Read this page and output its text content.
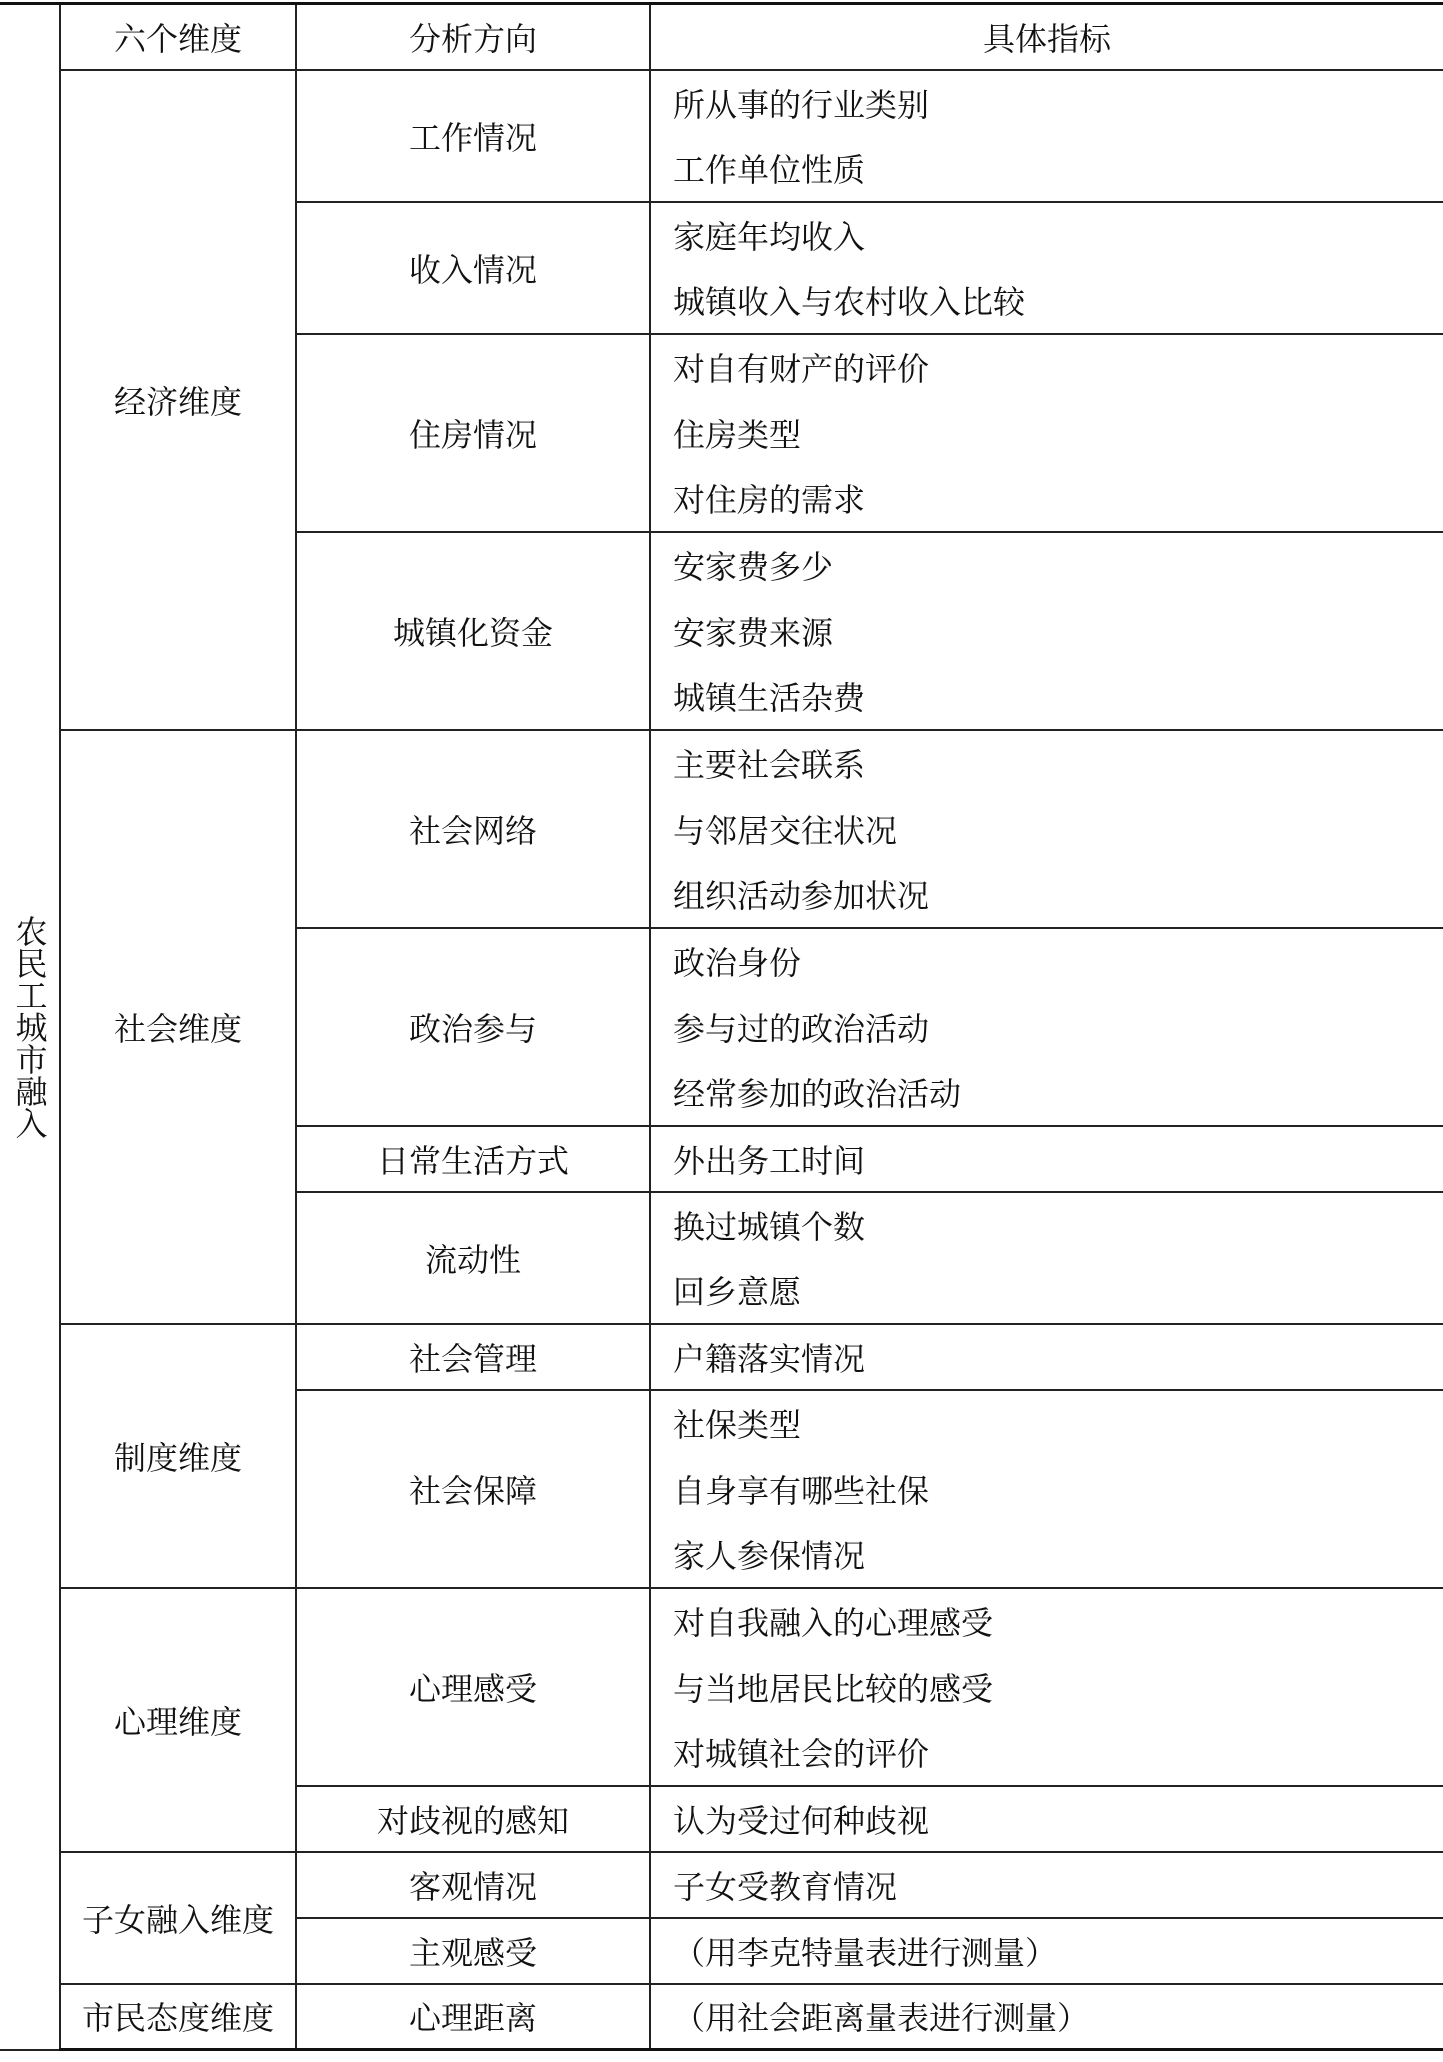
农民工城市融入	六个维度	分析方向	具体指标
	经济维度	工作情况	所从事的行业类别
			工作单位性质
		收入情况	家庭年均收入
			城镇收入与农村收入比较
		住房情况	对自有财产的评价
			住房类型
			对住房的需求
		城镇化资金	安家费多少
			安家费来源
			城镇生活杂费
	社会维度	社会网络	主要社会联系
			与邻居交往状况
			组织活动参加状况
		政治参与	政治身份
			参与过的政治活动
			经常参加的政治活动
		日常生活方式	外出务工时间
		流动性	换过城镇个数
			回乡意愿
	制度维度	社会管理	户籍落实情况
		社会保障	社保类型
			自身享有哪些社保
			家人参保情况
	心理维度	心理感受	对自我融入的心理感受
			与当地居民比较的感受
			对城镇社会的评价
		对歧视的感知	认为受过何种歧视
	子女融入维度	客观情况	子女受教育情况
		主观感受	（用李克特量表进行测量）
	市民态度维度	心理距离	（用社会距离量表进行测量）
